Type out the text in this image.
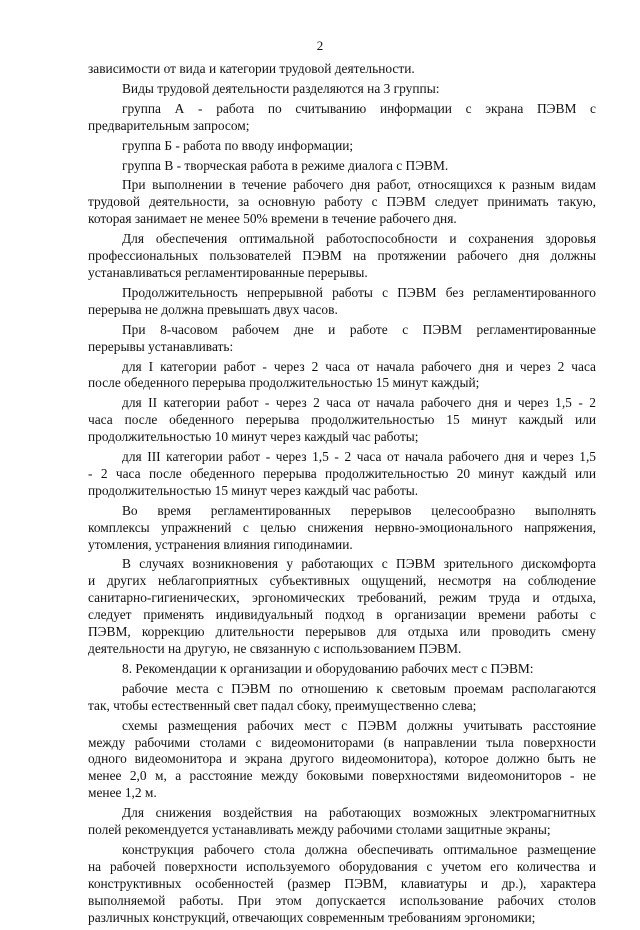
2
зависимости от вида и категории трудовой деятельности.
Виды трудовой деятельности разделяются на 3 группы:
группа А - работа по считыванию информации с экрана ПЭВМ с
предварительным запросом;
группа Б - работа по вводу информации;
группа В - творческая работа в режиме диалога с ПЭВМ.
При выполнении в течение рабочего дня работ, относящихся к разным видам
трудовой деятельности, за основную работу с ПЭВМ следует принимать такую,
которая занимает не менее 50% времени в течение рабочего дня.
Для обеспечения оптимальной работоспособности и сохранения здоровья
профессиональных пользователей ПЭВМ на протяжении рабочего дня должны
устанавливаться регламентированные перерывы.
Продолжительность непрерывной работы с ПЭВМ без регламентированного
перерыва не должна превышать двух часов.
При 8-часовом рабочем дне и работе с ПЭВМ регламентированные
перерывы устанавливать:
для I категории работ - через 2 часа от начала рабочего дня и через 2 часа
после обеденного перерыва продолжительностью 15 минут каждый;
для II категории работ - через 2 часа от начала рабочего дня и через 1,5 - 2
часа после обеденного перерыва продолжительностью 15 минут каждый или
продолжительностью 10 минут через каждый час работы;
для III категории работ - через 1,5 - 2 часа от начала рабочего дня и через 1,5
- 2 часа после обеденного перерыва продолжительностью 20 минут каждый или
продолжительностью 15 минут через каждый час работы.
Во время регламентированных перерывов целесообразно выполнять
комплексы упражнений с целью снижения нервно-эмоционального напряжения,
утомления, устранения влияния гиподинамии.
В случаях возникновения у работающих с ПЭВМ зрительного дискомфорта
и других неблагоприятных субъективных ощущений, несмотря на соблюдение
санитарно-гигиенических, эргономических требований, режим труда и отдыха,
следует применять индивидуальный подход в организации времени работы с
ПЭВМ, коррекцию длительности перерывов для отдыха или проводить смену
деятельности на другую, не связанную с использованием ПЭВМ.
8. Рекомендации к организации и оборудованию рабочих мест с ПЭВМ:
рабочие места с ПЭВМ по отношению к световым проемам располагаются
так, чтобы естественный свет падал сбоку, преимущественно слева;
схемы размещения рабочих мест с ПЭВМ должны учитывать расстояние
между рабочими столами с видеомониторами (в направлении тыла поверхности
одного видеомонитора и экрана другого видеомонитора), которое должно быть не
менее 2,0 м, а расстояние между боковыми поверхностями видеомониторов - не
менее 1,2 м.
Для снижения воздействия на работающих возможных электромагнитных
полей рекомендуется устанавливать между рабочими столами защитные экраны;
конструкция рабочего стола должна обеспечивать оптимальное размещение
на рабочей поверхности используемого оборудования с учетом его количества и
конструктивных особенностей (размер ПЭВМ, клавиатуры и др.), характера
выполняемой работы. При этом допускается использование рабочих столов
различных конструкций, отвечающих современным требованиям эргономики;
